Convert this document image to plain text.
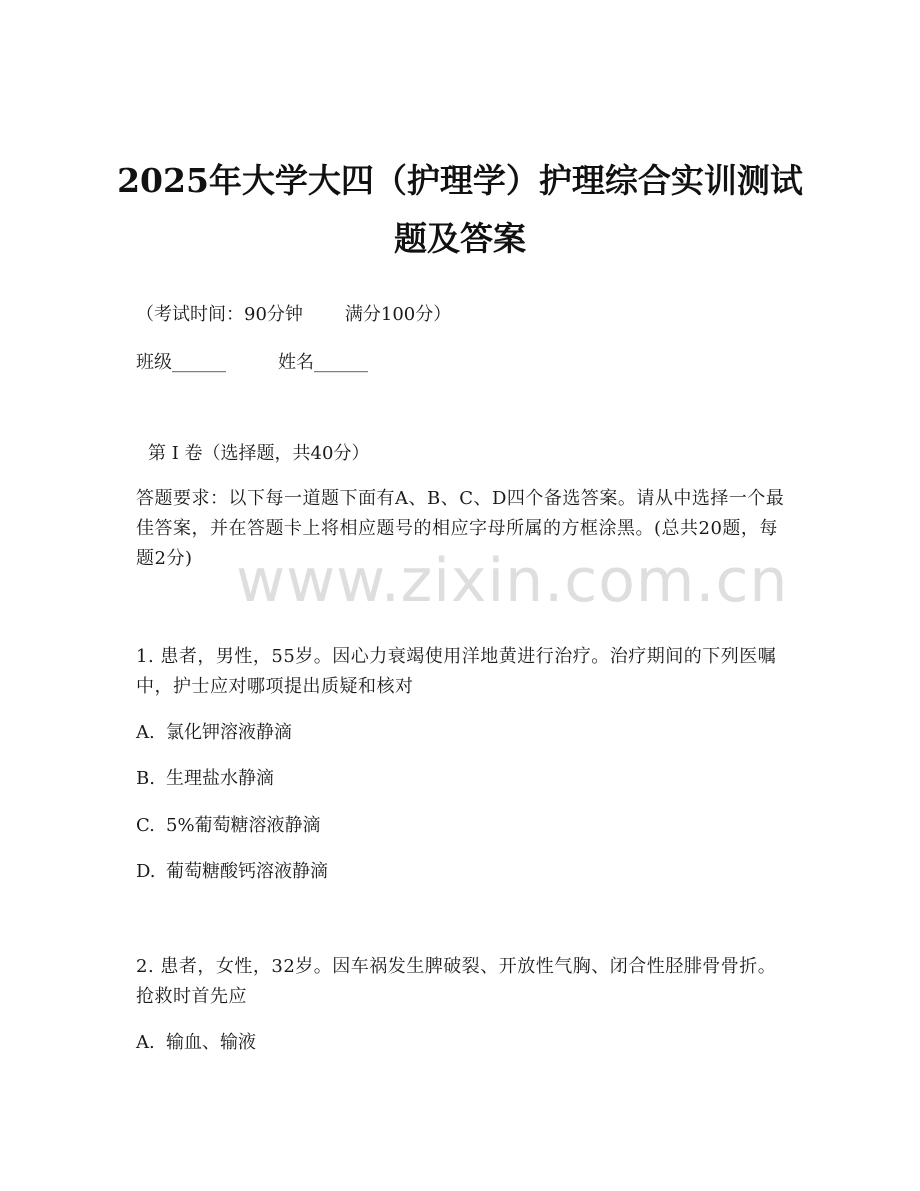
2025年大学大四（护理学）护理综合实训测试题及答案
（考试时间：90分钟 满分100分）
班级______	姓名______
第 I 卷（选择题，共40分）
答题要求：以下每一道题下面有A、B、C、D四个备选答案。请从中选择一个最佳答案，并在答题卡上将相应题号的相应字母所属的方框涂黑。(总共20题，每题2分)
1. 患者，男性，55岁。因心力衰竭使用洋地黄进行治疗。治疗期间的下列医嘱中，护士应对哪项提出质疑和核对
A. 氯化钾溶液静滴
B. 生理盐水静滴
C. 5%葡萄糖溶液静滴
D. 葡萄糖酸钙溶液静滴
2. 患者，女性，32岁。因车祸发生脾破裂、开放性气胸、闭合性胫腓骨骨折。抢救时首先应
A. 输血、输液
www.zixin.com.cn
